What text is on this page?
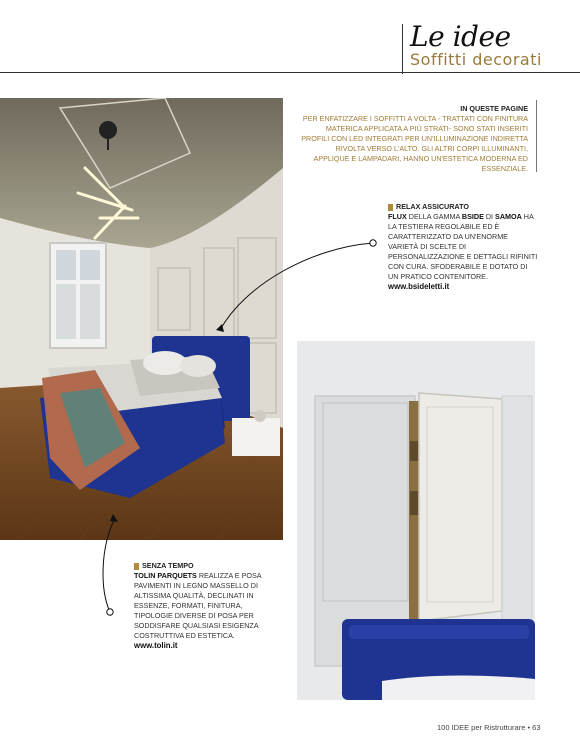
Le idee
Soffitti decorati
IN QUESTE PAGINE
PER ENFATIZZARE I SOFFITTI A VOLTA - TRATTATI CON FINITURA MATERICA APPLICATA A PIÙ STRATI- SONO STATI INSERITI PROFILI CON LED INTEGRATI PER UN'ILLUMINAZIONE INDIRETTA RIVOLTA VERSO L'ALTO. GLI ALTRI CORPI ILLUMINANTI, APPLIQUE E LAMPADARI, HANNO UN'ESTETICA MODERNA ED ESSENZIALE.
RELAX ASSICURATO
FLUX DELLA GAMMA BSIDE DI SAMOA HA LA TESTIERA REGOLABILE ED È CARATTERIZZATO DA UN'ENORME VARIETÀ DI SCELTE DI PERSONALIZZAZIONE E DETTAGLI RIFINITI CON CURA. SFODERABILE E DOTATO DI UN PRATICO CONTENITORE.
www.bsideletti.it
SENZA TEMPO
TOLIN PARQUETS REALIZZA E POSA PAVIMENTI IN LEGNO MASSELLO DI ALTISSIMA QUALITÀ, DECLINATI IN ESSENZE, FORMATI, FINITURA, TIPOLOGIE DIVERSE DI POSA PER SODDISFARE QUALSIASI ESIGENZA COSTRUTTIVA ED ESTETICA.
www.tolin.it
100 IDEE per Ristrutturare • 63
